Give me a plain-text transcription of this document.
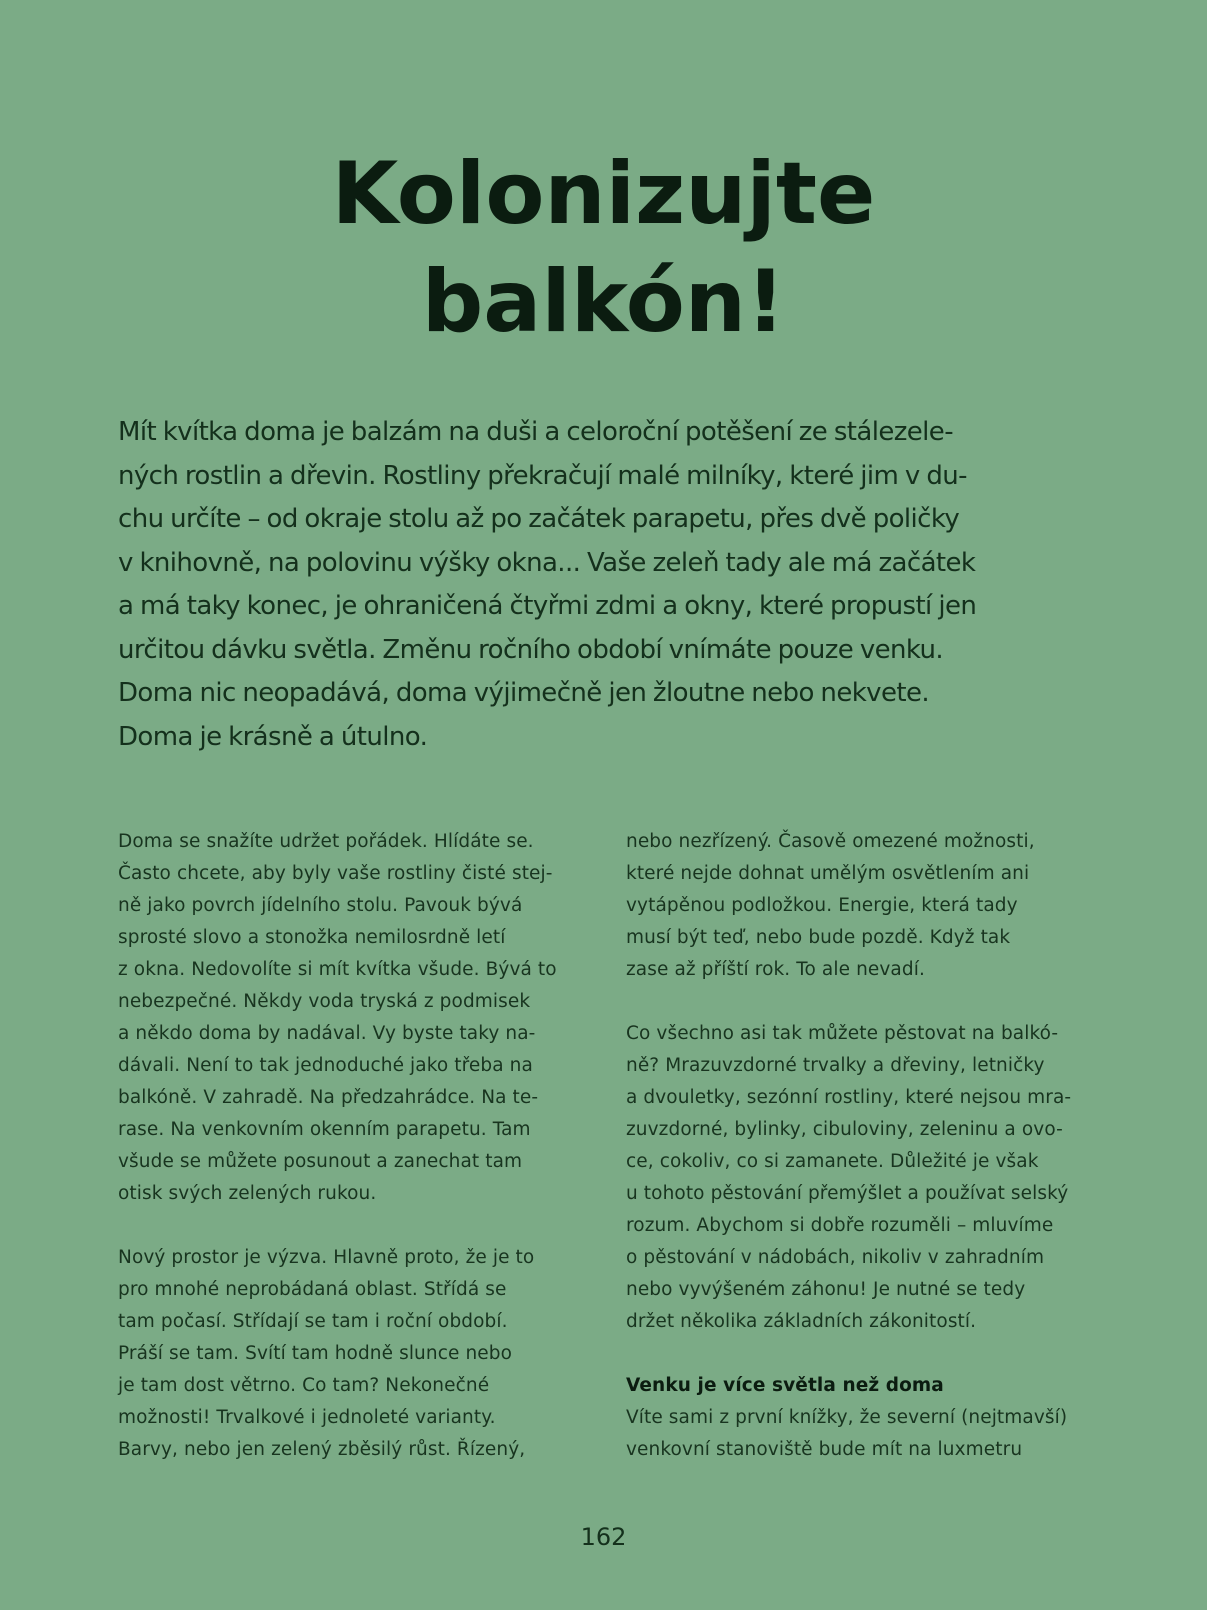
Kolonizujte
balkón!

Mít kvítka doma je balzám na duši a celoroční potěšení ze stálezele-
ných rostlin a dřevin. Rostliny překračují malé milníky, které jim v du-
chu určíte – od okraje stolu až po začátek parapetu, přes dvě poličky
v knihovně, na polovinu výšky okna... Vaše zeleň tady ale má začátek
a má taky konec, je ohraničená čtyřmi zdmi a okny, které propustí jen
určitou dávku světla. Změnu ročního období vnímáte pouze venku.
Doma nic neopadává, doma výjimečně jen žloutne nebo nekvete.
Doma je krásně a útulno.

Doma se snažíte udržet pořádek. Hlídáte se.
Často chcete, aby byly vaše rostliny čisté stej-
ně jako povrch jídelního stolu. Pavouk bývá
sprosté slovo a stonožka nemilosrdně letí
z okna. Nedovolíte si mít kvítka všude. Bývá to
nebezpečné. Někdy voda tryská z podmisek
a někdo doma by nadával. Vy byste taky na-
dávali. Není to tak jednoduché jako třeba na
balkóně. V zahradě. Na předzahrádce. Na te-
rase. Na venkovním okenním parapetu. Tam
všude se můžete posunout a zanechat tam
otisk svých zelených rukou.
Nový prostor je výzva. Hlavně proto, že je to
pro mnohé neprobádaná oblast. Střídá se
tam počasí. Střídají se tam i roční období.
Práší se tam. Svítí tam hodně slunce nebo
je tam dost větrno. Co tam? Nekonečné
možnosti! Trvalkové i jednoleté varianty.
Barvy, nebo jen zelený zběsilý růst. Řízený,
nebo nezřízený. Časově omezené možnosti,
které nejde dohnat umělým osvětlením ani
vytápěnou podložkou. Energie, která tady
musí být teď, nebo bude pozdě. Když tak
zase až příští rok. To ale nevadí.
Co všechno asi tak můžete pěstovat na balkó-
ně? Mrazuvzdorné trvalky a dřeviny, letničky
a dvouletky, sezónní rostliny, které nejsou mra-
zuvzdorné, bylinky, cibuloviny, zeleninu a ovo-
ce, cokoliv, co si zamanete. Důležité je však
u tohoto pěstování přemýšlet a používat selský
rozum. Abychom si dobře rozuměli – mluvíme
o pěstování v nádobách, nikoliv v zahradním
nebo vyvýšeném záhonu! Je nutné se tedy
držet několika základních zákonitostí.
Venku je více světla než doma
Víte sami z první knížky, že severní (nejtmavší)
venkovní stanoviště bude mít na luxmetru
162
